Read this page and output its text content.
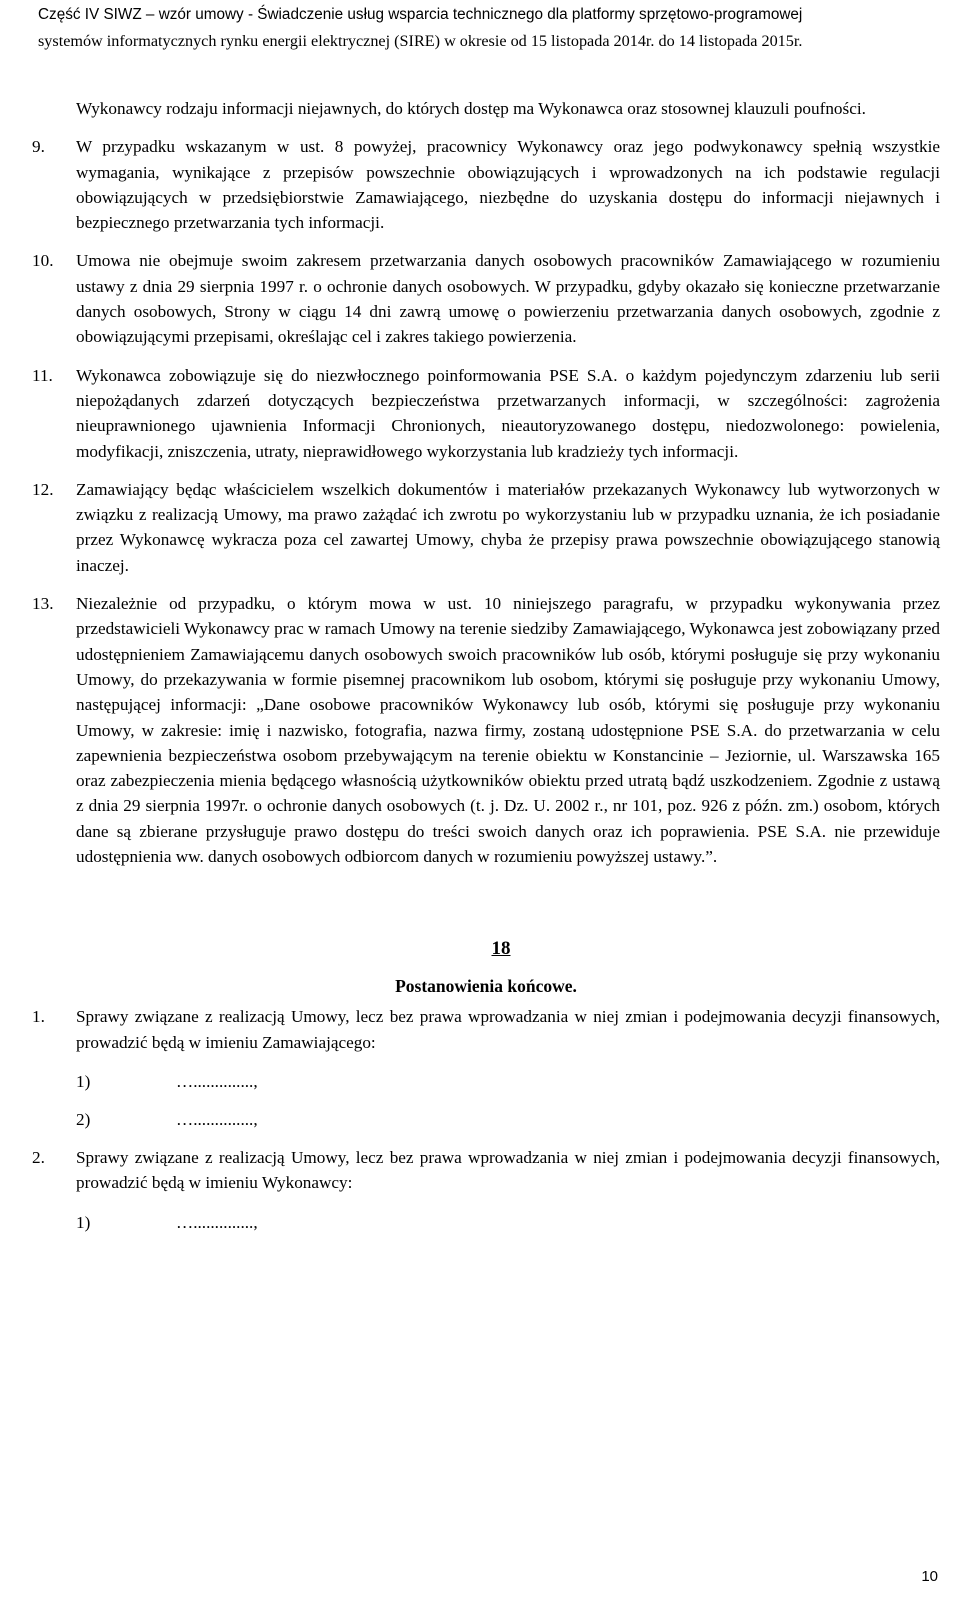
Część IV SIWZ – wzór umowy - Świadczenie usług wsparcia technicznego dla platformy sprzętowo-programowej
systemów informatycznych rynku energii elektrycznej (SIRE) w okresie od 15 listopada 2014r. do 14 listopada 2015r.
Wykonawcy rodzaju informacji niejawnych, do których dostęp ma Wykonawca oraz stosownej klauzuli poufności.
9.	W przypadku wskazanym w ust. 8 powyżej, pracownicy Wykonawcy oraz jego podwykonawcy spełnią wszystkie wymagania, wynikające z przepisów powszechnie obowiązujących i wprowadzonych na ich podstawie regulacji obowiązujących w przedsiębiorstwie Zamawiającego, niezbędne do uzyskania dostępu do informacji niejawnych i bezpiecznego przetwarzania tych informacji.
10.	Umowa nie obejmuje swoim zakresem przetwarzania danych osobowych pracowników Zamawiającego w rozumieniu ustawy z dnia 29 sierpnia 1997 r. o ochronie danych osobowych. W przypadku, gdyby okazało się konieczne przetwarzanie danych osobowych, Strony w ciągu 14 dni zawrą umowę o powierzeniu przetwarzania danych osobowych, zgodnie z obowiązującymi przepisami, określając cel i zakres takiego powierzenia.
11.	Wykonawca zobowiązuje się do niezwłocznego poinformowania PSE S.A. o każdym pojedynczym zdarzeniu lub serii niepożądanych zdarzeń dotyczących bezpieczeństwa przetwarzanych informacji, w szczególności: zagrożenia nieuprawnionego ujawnienia Informacji Chronionych, nieautoryzowanego dostępu, niedozwolonego: powielenia, modyfikacji, zniszczenia, utraty, nieprawidłowego wykorzystania lub kradzieży tych informacji.
12.	Zamawiający będąc właścicielem wszelkich dokumentów i materiałów przekazanych Wykonawcy lub wytworzonych w związku z realizacją Umowy, ma prawo zażądać ich zwrotu po wykorzystaniu lub w przypadku uznania, że ich posiadanie przez Wykonawcę wykracza poza cel zawartej Umowy, chyba że przepisy prawa powszechnie obowiązującego stanowią inaczej.
13.	Niezależnie od przypadku, o którym mowa w ust. 10 niniejszego paragrafu, w przypadku wykonywania przez przedstawicieli Wykonawcy prac w ramach Umowy na terenie siedziby Zamawiającego, Wykonawca jest zobowiązany przed udostępnieniem Zamawiającemu danych osobowych swoich pracowników lub osób, którymi posługuje się przy wykonaniu Umowy, do przekazywania w formie pisemnej pracownikom lub osobom, którymi się posługuje przy wykonaniu Umowy, następującej informacji: „Dane osobowe pracowników Wykonawcy lub osób, którymi się posługuje przy wykonaniu Umowy, w zakresie: imię i nazwisko, fotografia, nazwa firmy, zostaną udostępnione PSE S.A. do przetwarzania w celu zapewnienia bezpieczeństwa osobom przebywającym na terenie obiektu w Konstancinie – Jeziornie, ul. Warszawska 165 oraz zabezpieczenia mienia będącego własnością użytkowników obiektu przed utratą bądź uszkodzeniem. Zgodnie z ustawą z dnia 29 sierpnia 1997r. o ochronie danych osobowych (t. j. Dz. U. 2002 r., nr 101, poz. 926 z późn. zm.) osobom, których dane są zbierane przysługuje prawo dostępu do treści swoich danych oraz ich poprawienia. PSE S.A. nie przewiduje udostępnienia ww. danych osobowych odbiorcom danych w rozumieniu powyższej ustawy.”.
18
Postanowienia końcowe.
1.	Sprawy związane z realizacją Umowy, lecz bez prawa wprowadzania w niej zmian i podejmowania decyzji finansowych, prowadzić będą w imieniu Zamawiającego:
1)	…..............,
2)	…..............,
2.	Sprawy związane z realizacją Umowy, lecz bez prawa wprowadzania w niej zmian i podejmowania decyzji finansowych, prowadzić będą w imieniu Wykonawcy:
1)	…..............,
10
